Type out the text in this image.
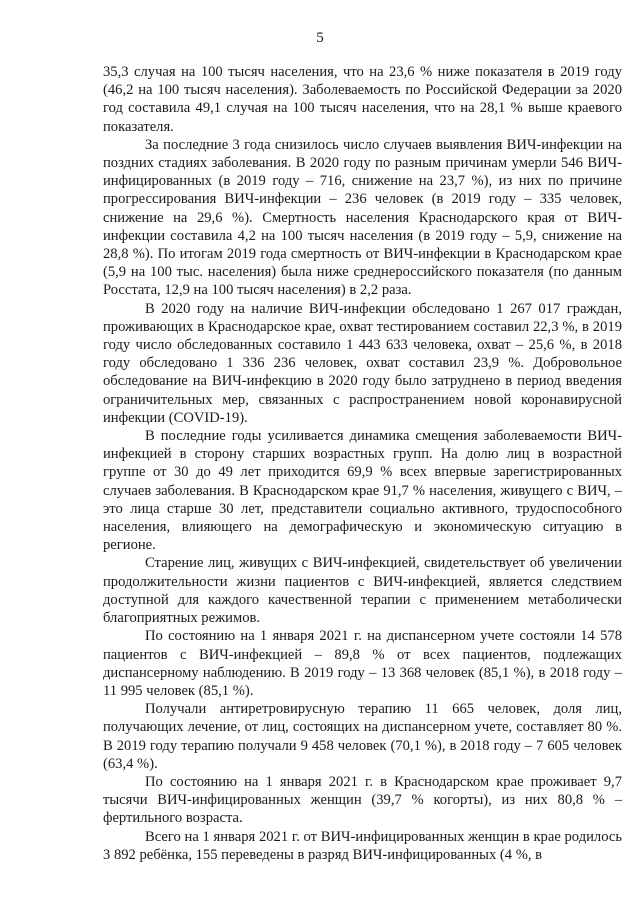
5

35,3 случая на 100 тысяч населения, что на 23,6 % ниже показателя в 2019 году (46,2 на 100 тысяч населения). Заболеваемость по Российской Федерации за 2020 год составила 49,1 случая на 100 тысяч населения, что на 28,1 % выше краевого показателя.

За последние 3 года снизилось число случаев выявления ВИЧ-инфекции на поздних стадиях заболевания. В 2020 году по разным причинам умерли 546 ВИЧ-инфицированных (в 2019 году – 716, снижение на 23,7 %), из них по причине прогрессирования ВИЧ-инфекции – 236 человек (в 2019 году – 335 человек, снижение на 29,6 %). Смертность населения Краснодарского края от ВИЧ-инфекции составила 4,2 на 100 тысяч населения (в 2019 году – 5,9, снижение на 28,8 %). По итогам 2019 года смертность от ВИЧ-инфекции в Краснодарском крае (5,9 на 100 тыс. населения) была ниже среднероссийского показателя (по данным Росстата, 12,9 на 100 тысяч населения) в 2,2 раза.

В 2020 году на наличие ВИЧ-инфекции обследовано 1 267 017 граждан, проживающих в Краснодарское крае, охват тестированием составил 22,3 %, в 2019 году число обследованных составило 1 443 633 человека, охват – 25,6 %, в 2018 году обследовано 1 336 236 человек, охват составил 23,9 %. Добровольное обследование на ВИЧ-инфекцию в 2020 году было затруднено в период введения ограничительных мер, связанных с распространением новой коронавирусной инфекции (COVID-19).

В последние годы усиливается динамика смещения заболеваемости ВИЧ-инфекцией в сторону старших возрастных групп. На долю лиц в возрастной группе от 30 до 49 лет приходится 69,9 % всех впервые зарегистрированных случаев заболевания. В Краснодарском крае 91,7 % населения, живущего с ВИЧ, – это лица старше 30 лет, представители социально активного, трудоспособного населения, влияющего на демографическую и экономическую ситуацию в регионе.

Старение лиц, живущих с ВИЧ-инфекцией, свидетельствует об увеличении продолжительности жизни пациентов с ВИЧ-инфекцией, является следствием доступной для каждого качественной терапии с применением метаболически благоприятных режимов.

По состоянию на 1 января 2021 г. на диспансерном учете состояли 14 578 пациентов с ВИЧ-инфекцией – 89,8 % от всех пациентов, подлежащих диспансерному наблюдению. В 2019 году – 13 368 человек (85,1 %), в 2018 году – 11 995 человек (85,1 %).

Получали антиретровирусную терапию 11 665 человек, доля лиц, получающих лечение, от лиц, состоящих на диспансерном учете, составляет 80 %. В 2019 году терапию получали 9 458 человек (70,1 %), в 2018 году – 7 605 человек (63,4 %).

По состоянию на 1 января 2021 г. в Краснодарском крае проживает 9,7 тысячи ВИЧ-инфицированных женщин (39,7 % когорты), из них 80,8 % – фертильного возраста.

Всего на 1 января 2021 г. от ВИЧ-инфицированных женщин в крае родилось 3 892 ребёнка, 155 переведены в разряд ВИЧ-инфицированных (4 %, в
